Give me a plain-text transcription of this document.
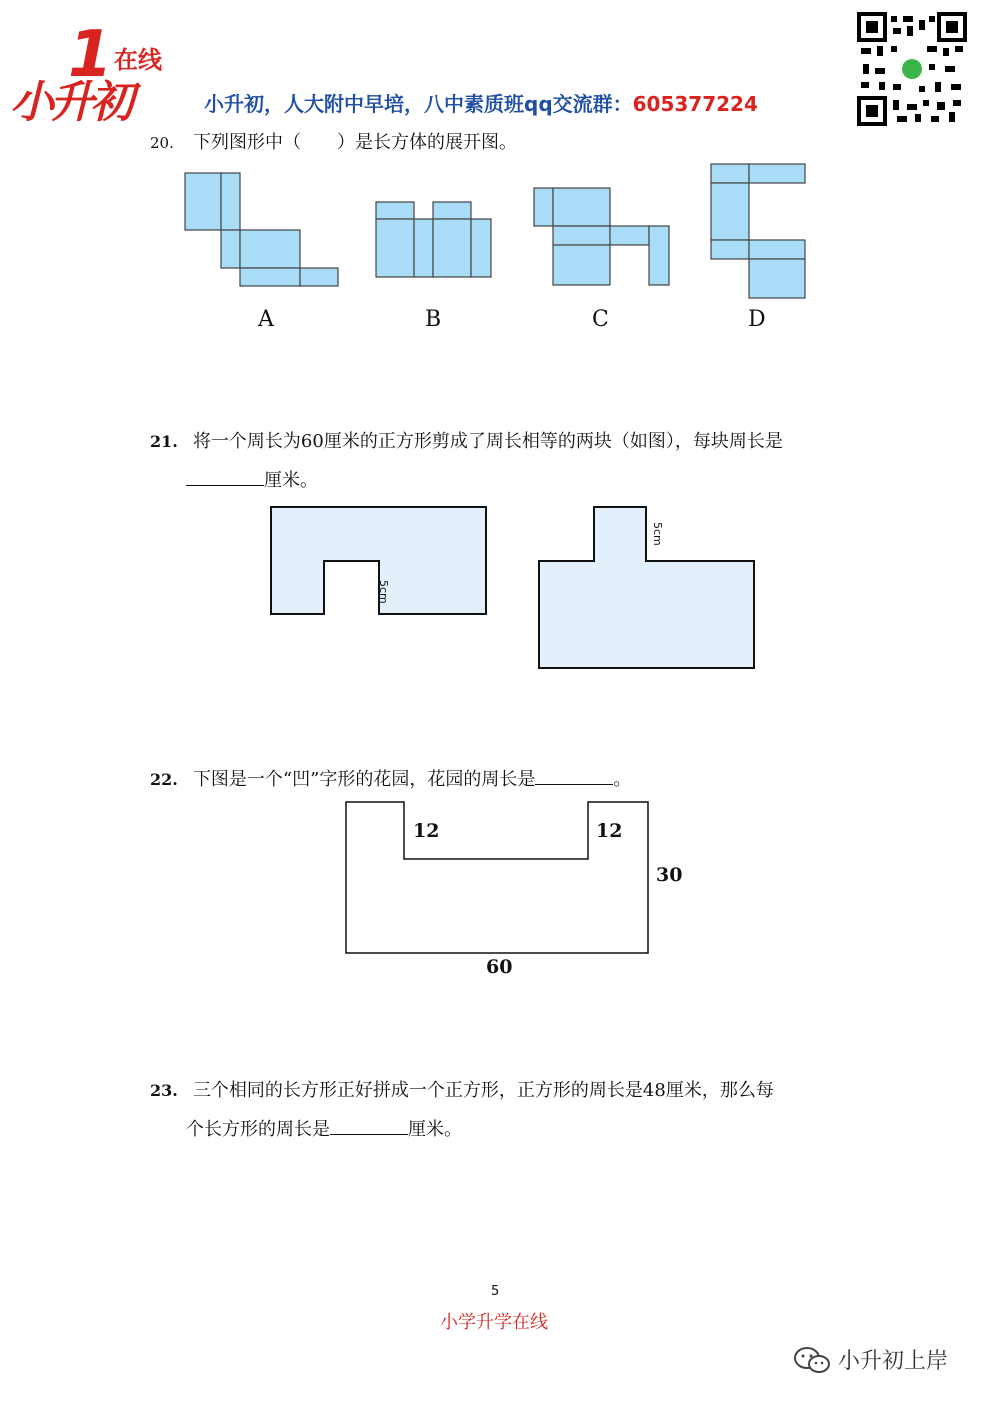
1 在线
小升初	小升初，人大附中早培，八中素质班qq交流群：605377224
20. 下列图形中（　　）是长方体的展开图。
A	B	C	D
21. 将一个周长为60厘米的正方形剪成了周长相等的两块（如图），每块周长是
厘米。
5cm
5cm
22. 下图是一个“凹”字形的花园，花园的周长是	。
12	12
30
60
23. 三个相同的长方形正好拼成一个正方形，正方形的周长是48厘米，那么每
个长方形的周长是	厘米。
5
小学升学在线
小升初上岸
